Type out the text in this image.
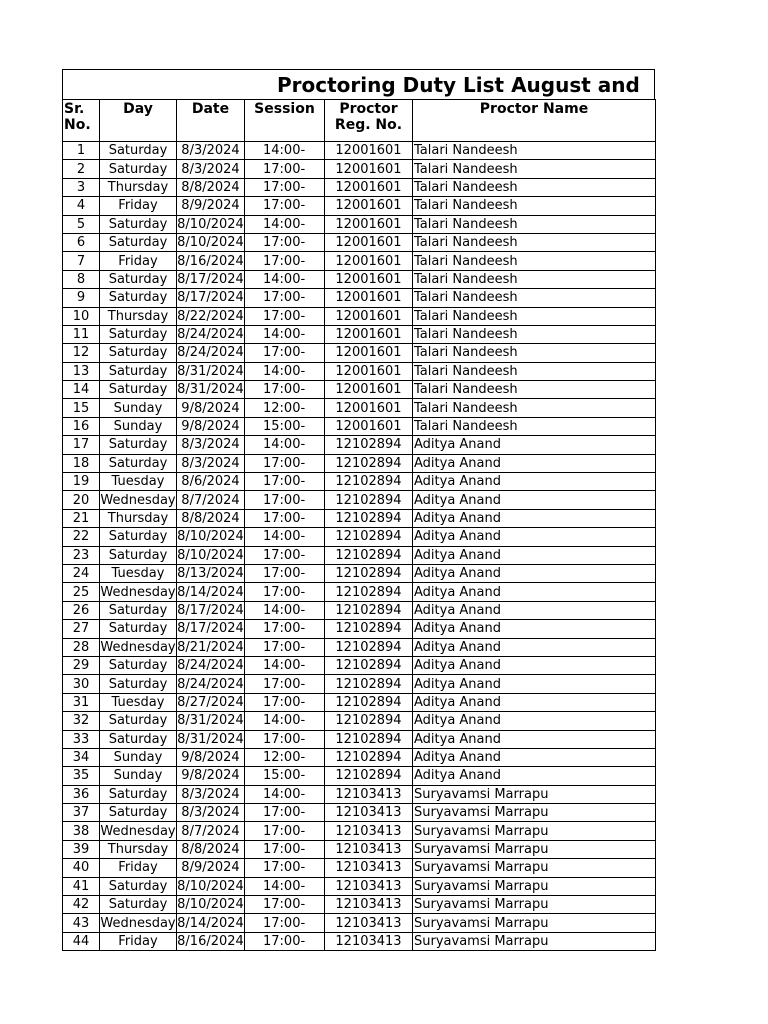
Proctoring Duty List August and
Sr. No.	Day	Date	Session	Proctor Reg. No.	Proctor Name

1	Saturday	8/3/2024	14:00-	12001601	Talari Nandeesh
2	Saturday	8/3/2024	17:00-	12001601	Talari Nandeesh
3	Thursday	8/8/2024	17:00-	12001601	Talari Nandeesh
4	Friday	8/9/2024	17:00-	12001601	Talari Nandeesh
5	Saturday	8/10/2024	14:00-	12001601	Talari Nandeesh
6	Saturday	8/10/2024	17:00-	12001601	Talari Nandeesh
7	Friday	8/16/2024	17:00-	12001601	Talari Nandeesh
8	Saturday	8/17/2024	14:00-	12001601	Talari Nandeesh
9	Saturday	8/17/2024	17:00-	12001601	Talari Nandeesh
10	Thursday	8/22/2024	17:00-	12001601	Talari Nandeesh
11	Saturday	8/24/2024	14:00-	12001601	Talari Nandeesh
12	Saturday	8/24/2024	17:00-	12001601	Talari Nandeesh
13	Saturday	8/31/2024	14:00-	12001601	Talari Nandeesh
14	Saturday	8/31/2024	17:00-	12001601	Talari Nandeesh
15	Sunday	9/8/2024	12:00-	12001601	Talari Nandeesh
16	Sunday	9/8/2024	15:00-	12001601	Talari Nandeesh
17	Saturday	8/3/2024	14:00-	12102894	Aditya Anand
18	Saturday	8/3/2024	17:00-	12102894	Aditya Anand
19	Tuesday	8/6/2024	17:00-	12102894	Aditya Anand
20	Wednesday	8/7/2024	17:00-	12102894	Aditya Anand
21	Thursday	8/8/2024	17:00-	12102894	Aditya Anand
22	Saturday	8/10/2024	14:00-	12102894	Aditya Anand
23	Saturday	8/10/2024	17:00-	12102894	Aditya Anand
24	Tuesday	8/13/2024	17:00-	12102894	Aditya Anand
25	Wednesday	8/14/2024	17:00-	12102894	Aditya Anand
26	Saturday	8/17/2024	14:00-	12102894	Aditya Anand
27	Saturday	8/17/2024	17:00-	12102894	Aditya Anand
28	Wednesday	8/21/2024	17:00-	12102894	Aditya Anand
29	Saturday	8/24/2024	14:00-	12102894	Aditya Anand
30	Saturday	8/24/2024	17:00-	12102894	Aditya Anand
31	Tuesday	8/27/2024	17:00-	12102894	Aditya Anand
32	Saturday	8/31/2024	14:00-	12102894	Aditya Anand
33	Saturday	8/31/2024	17:00-	12102894	Aditya Anand
34	Sunday	9/8/2024	12:00-	12102894	Aditya Anand
35	Sunday	9/8/2024	15:00-	12102894	Aditya Anand
36	Saturday	8/3/2024	14:00-	12103413	Suryavamsi Marrapu
37	Saturday	8/3/2024	17:00-	12103413	Suryavamsi Marrapu
38	Wednesday	8/7/2024	17:00-	12103413	Suryavamsi Marrapu
39	Thursday	8/8/2024	17:00-	12103413	Suryavamsi Marrapu
40	Friday	8/9/2024	17:00-	12103413	Suryavamsi Marrapu
41	Saturday	8/10/2024	14:00-	12103413	Suryavamsi Marrapu
42	Saturday	8/10/2024	17:00-	12103413	Suryavamsi Marrapu
43	Wednesday	8/14/2024	17:00-	12103413	Suryavamsi Marrapu
44	Friday	8/16/2024	17:00-	12103413	Suryavamsi Marrapu
